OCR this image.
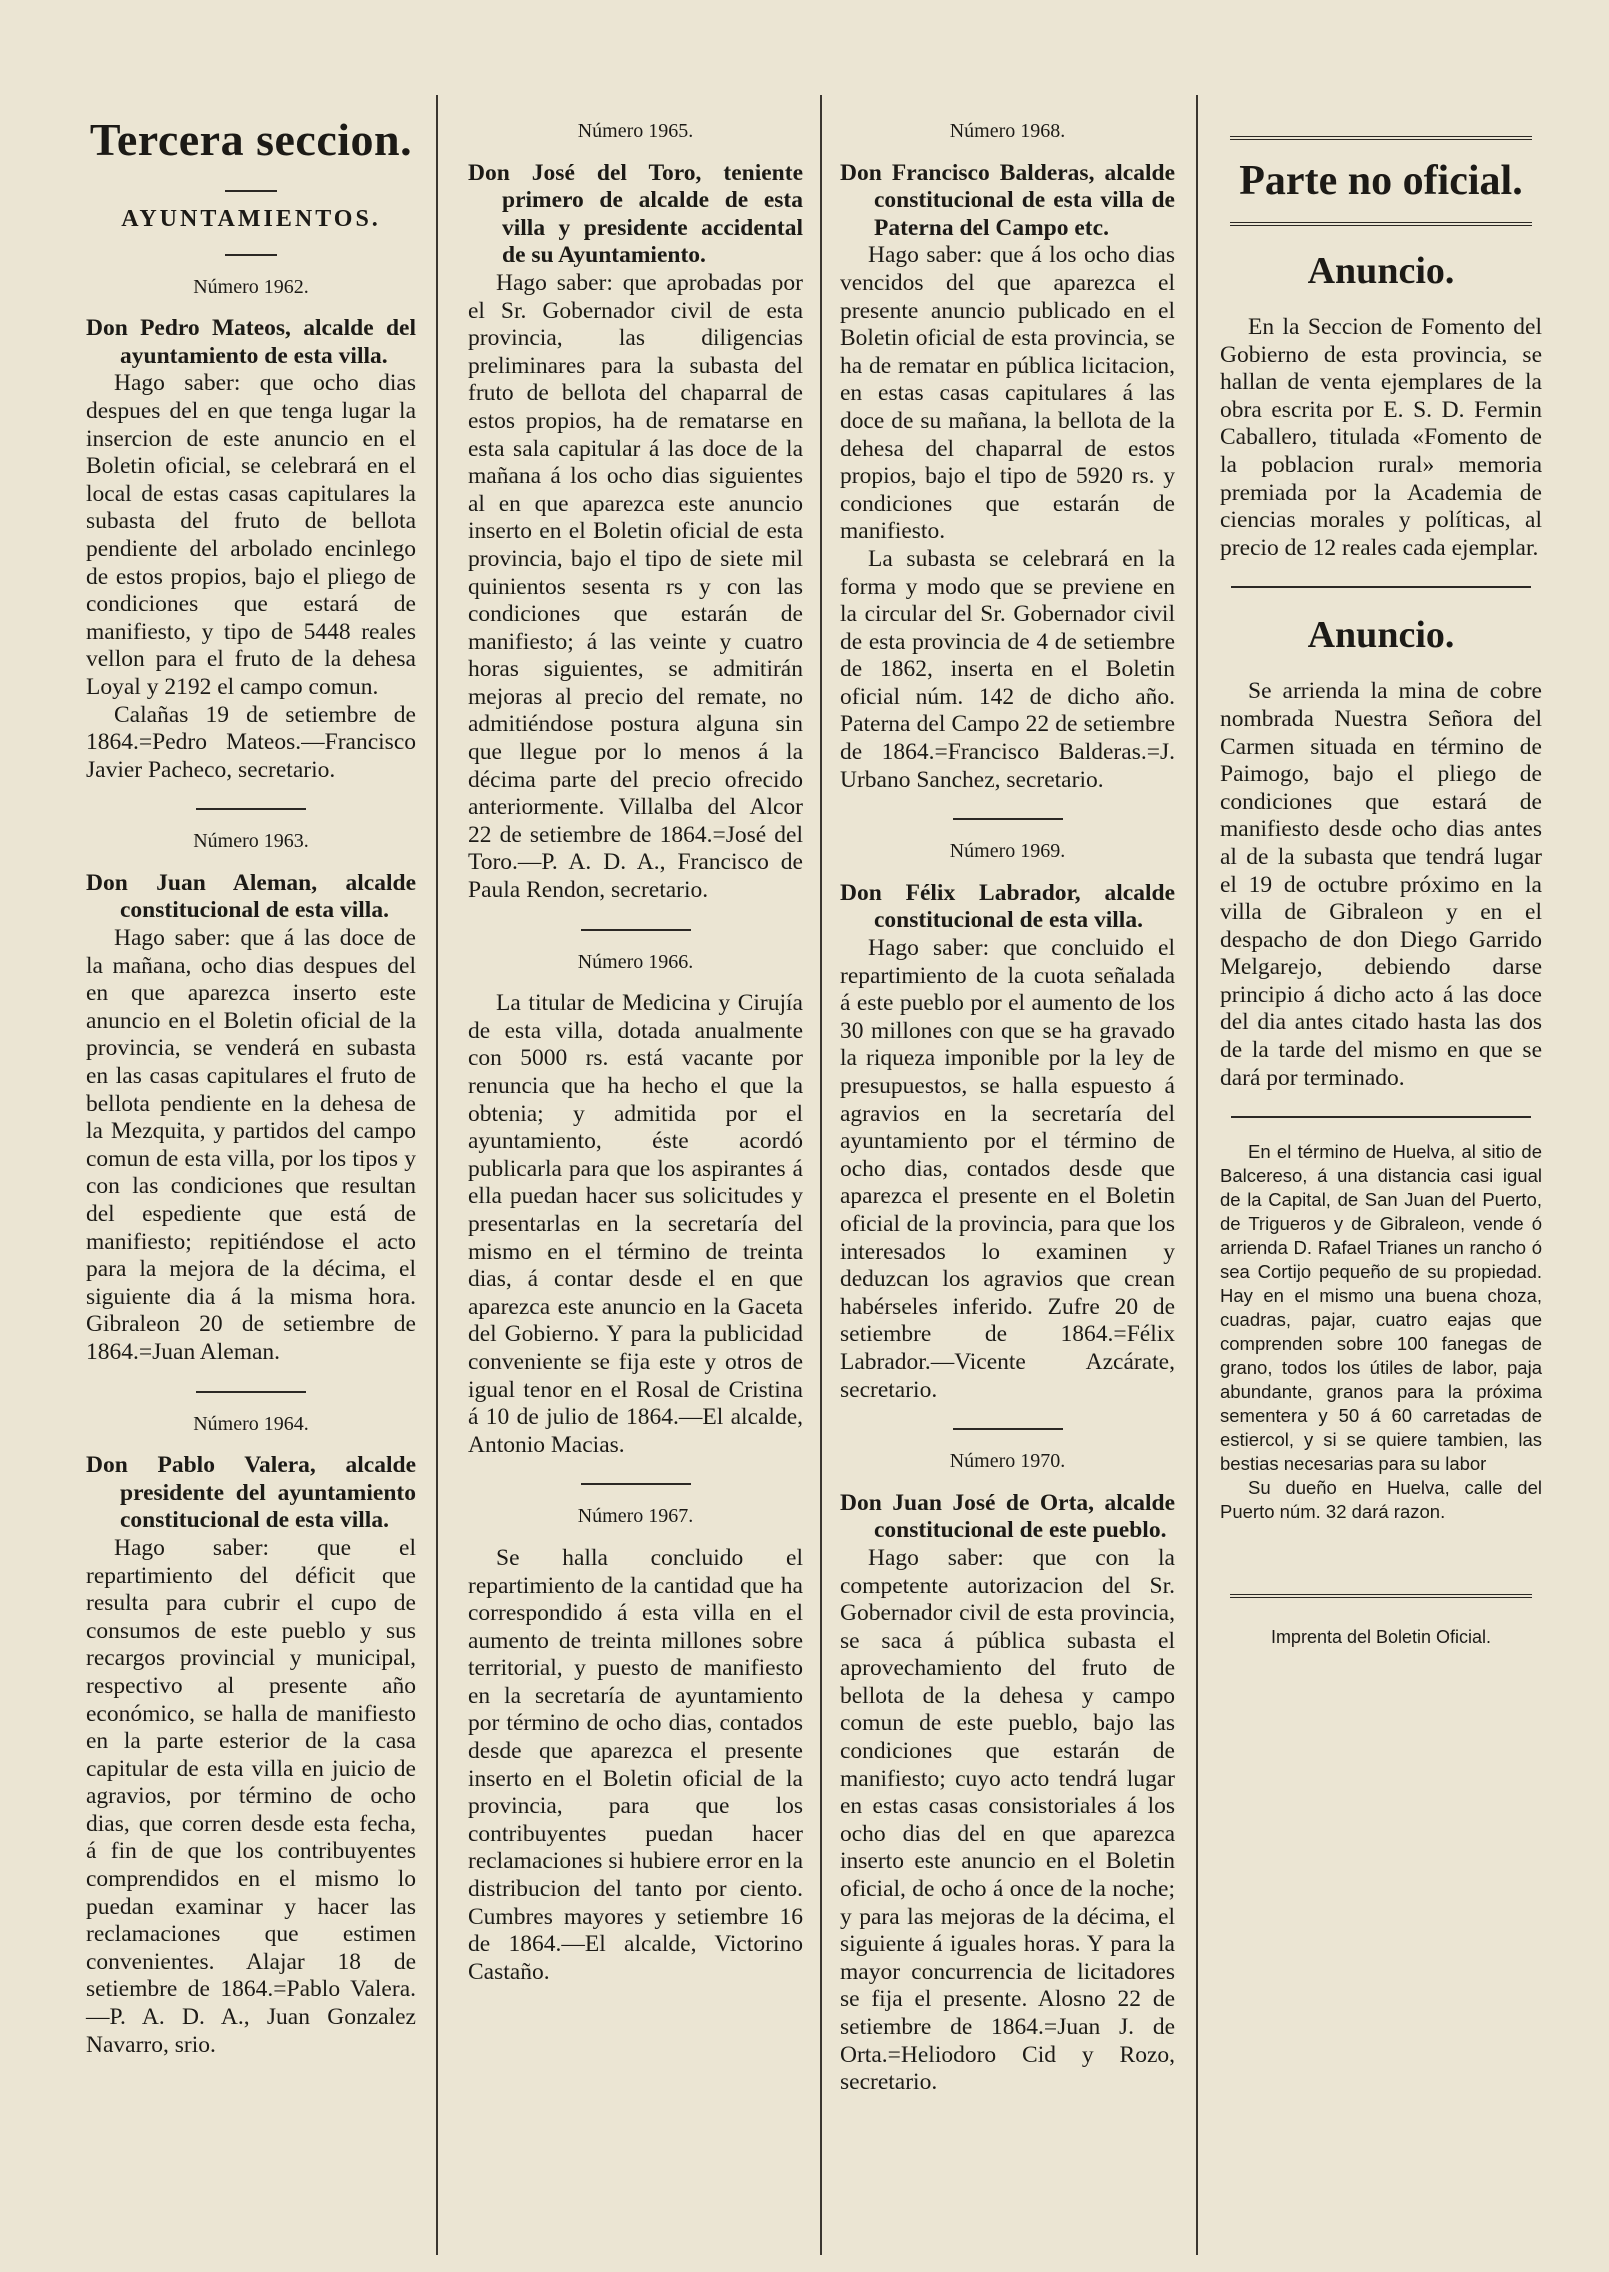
Tercera seccion.
AYUNTAMIENTOS.
Número 1962.

Don Pedro Mateos, alcalde del ayuntamiento de esta villa.

Hago saber: que ocho dias despues del en que tenga lugar la insercion de este anuncio en el Boletin oficial, se celebrará en el local de estas casas capitulares la subasta del fruto de bellota pendiente del arbolado encinlego de estos propios, bajo el pliego de condiciones que estará de manifiesto, y tipo de 5448 reales vellon para el fruto de la dehesa Loyal y 2192 el campo comun.

Calañas 19 de setiembre de 1864.=Pedro Mateos.—Francisco Javier Pacheco, secretario.

Número 1963.

Don Juan Aleman, alcalde constitucional de esta villa.

Hago saber: que á las doce de la mañana, ocho dias despues del en que aparezca inserto este anuncio en el Boletin oficial de la provincia, se venderá en subasta en las casas capitulares el fruto de bellota pendiente en la dehesa de la Mezquita, y partidos del campo comun de esta villa, por los tipos y con las condiciones que resultan del espediente que está de manifiesto; repitiéndose el acto para la mejora de la décima, el siguiente dia á la misma hora. Gibraleon 20 de setiembre de 1864.=Juan Aleman.

Número 1964.

Don Pablo Valera, alcalde presidente del ayuntamiento constitucional de esta villa.

Hago saber: que el repartimiento del déficit que resulta para cubrir el cupo de consumos de este pueblo y sus recargos provincial y municipal, respectivo al presente año económico, se halla de manifiesto en la parte esterior de la casa capitular de esta villa en juicio de agravios, por término de ocho dias, que corren desde esta fecha, á fin de que los contribuyentes comprendidos en el mismo lo puedan examinar y hacer las reclamaciones que estimen convenientes. Alajar 18 de setiembre de 1864.=Pablo Valera.—P. A. D. A., Juan Gonzalez Navarro, srio.

Número 1965.

Don José del Toro, teniente primero de alcalde de esta villa y presidente accidental de su Ayuntamiento.

Hago saber: que aprobadas por el Sr. Gobernador civil de esta provincia, las diligencias preliminares para la subasta del fruto de bellota del chaparral de estos propios, ha de rematarse en esta sala capitular á las doce de la mañana á los ocho dias siguientes al en que aparezca este anuncio inserto en el Boletin oficial de esta provincia, bajo el tipo de siete mil quinientos sesenta rs y con las condiciones que estarán de manifiesto; á las veinte y cuatro horas siguientes, se admitirán mejoras al precio del remate, no admitiéndose postura alguna sin que llegue por lo menos á la décima parte del precio ofrecido anteriormente. Villalba del Alcor 22 de setiembre de 1864.=José del Toro.—P. A. D. A., Francisco de Paula Rendon, secretario.

Número 1966.

La titular de Medicina y Cirujía de esta villa, dotada anualmente con 5000 rs. está vacante por renuncia que ha hecho el que la obtenia; y admitida por el ayuntamiento, éste acordó publicarla para que los aspirantes á ella puedan hacer sus solicitudes y presentarlas en la secretaría del mismo en el término de treinta dias, á contar desde el en que aparezca este anuncio en la Gaceta del Gobierno. Y para la publicidad conveniente se fija este y otros de igual tenor en el Rosal de Cristina á 10 de julio de 1864.—El alcalde, Antonio Macias.

Número 1967.

Se halla concluido el repartimiento de la cantidad que ha correspondido á esta villa en el aumento de treinta millones sobre territorial, y puesto de manifiesto en la secretaría de ayuntamiento por término de ocho dias, contados desde que aparezca el presente inserto en el Boletin oficial de la provincia, para que los contribuyentes puedan hacer reclamaciones si hubiere error en la distribucion del tanto por ciento. Cumbres mayores y setiembre 16 de 1864.—El alcalde, Victorino Castaño.

Número 1968.

Don Francisco Balderas, alcalde constitucional de esta villa de Paterna del Campo etc.

Hago saber: que á los ocho dias vencidos del que aparezca el presente anuncio publicado en el Boletin oficial de esta provincia, se ha de rematar en pública licitacion, en estas casas capitulares á las doce de su mañana, la bellota de la dehesa del chaparral de estos propios, bajo el tipo de 5920 rs. y condiciones que estarán de manifiesto.

La subasta se celebrará en la forma y modo que se previene en la circular del Sr. Gobernador civil de esta provincia de 4 de setiembre de 1862, inserta en el Boletin oficial núm. 142 de dicho año. Paterna del Campo 22 de setiembre de 1864.=Francisco Balderas.=J. Urbano Sanchez, secretario.

Número 1969.

Don Félix Labrador, alcalde constitucional de esta villa.

Hago saber: que concluido el repartimiento de la cuota señalada á este pueblo por el aumento de los 30 millones con que se ha gravado la riqueza imponible por la ley de presupuestos, se halla espuesto á agravios en la secretaría del ayuntamiento por el término de ocho dias, contados desde que aparezca el presente en el Boletin oficial de la provincia, para que los interesados lo examinen y deduzcan los agravios que crean habérseles inferido. Zufre 20 de setiembre de 1864.=Félix Labrador.—Vicente Azcárate, secretario.

Número 1970.

Don Juan José de Orta, alcalde constitucional de este pueblo.

Hago saber: que con la competente autorizacion del Sr. Gobernador civil de esta provincia, se saca á pública subasta el aprovechamiento del fruto de bellota de la dehesa y campo comun de este pueblo, bajo las condiciones que estarán de manifiesto; cuyo acto tendrá lugar en estas casas consistoriales á los ocho dias del en que aparezca inserto este anuncio en el Boletin oficial, de ocho á once de la noche; y para las mejoras de la décima, el siguiente á iguales horas. Y para la mayor concurrencia de licitadores se fija el presente. Alosno 22 de setiembre de 1864.=Juan J. de Orta.=Heliodoro Cid y Rozo, secretario.

Parte no oficial.
Anuncio.

En la Seccion de Fomento del Gobierno de esta provincia, se hallan de venta ejemplares de la obra escrita por E. S. D. Fermin Caballero, titulada «Fomento de la poblacion rural» memoria premiada por la Academia de ciencias morales y políticas, al precio de 12 reales cada ejemplar.

Anuncio.

Se arrienda la mina de cobre nombrada Nuestra Señora del Carmen situada en término de Paimogo, bajo el pliego de condiciones que estará de manifiesto desde ocho dias antes al de la subasta que tendrá lugar el 19 de octubre próximo en la villa de Gibraleon y en el despacho de don Diego Garrido Melgarejo, debiendo darse principio á dicho acto á las doce del dia antes citado hasta las dos de la tarde del mismo en que se dará por terminado.

En el término de Huelva, al sitio de Balcereso, á una distancia casi igual de la Capital, de San Juan del Puerto, de Trigueros y de Gibraleon, vende ó arrienda D. Rafael Trianes un rancho ó sea Cortijo pequeño de su propiedad. Hay en el mismo una buena choza, cuadras, pajar, cuatro eajas que comprenden sobre 100 fanegas de grano, todos los útiles de labor, paja abundante, granos para la próxima sementera y 50 á 60 carretadas de estiercol, y si se quiere tambien, las bestias necesarias para su labor

Su dueño en Huelva, calle del Puerto núm. 32 dará razon.

Imprenta del Boletin Oficial.
